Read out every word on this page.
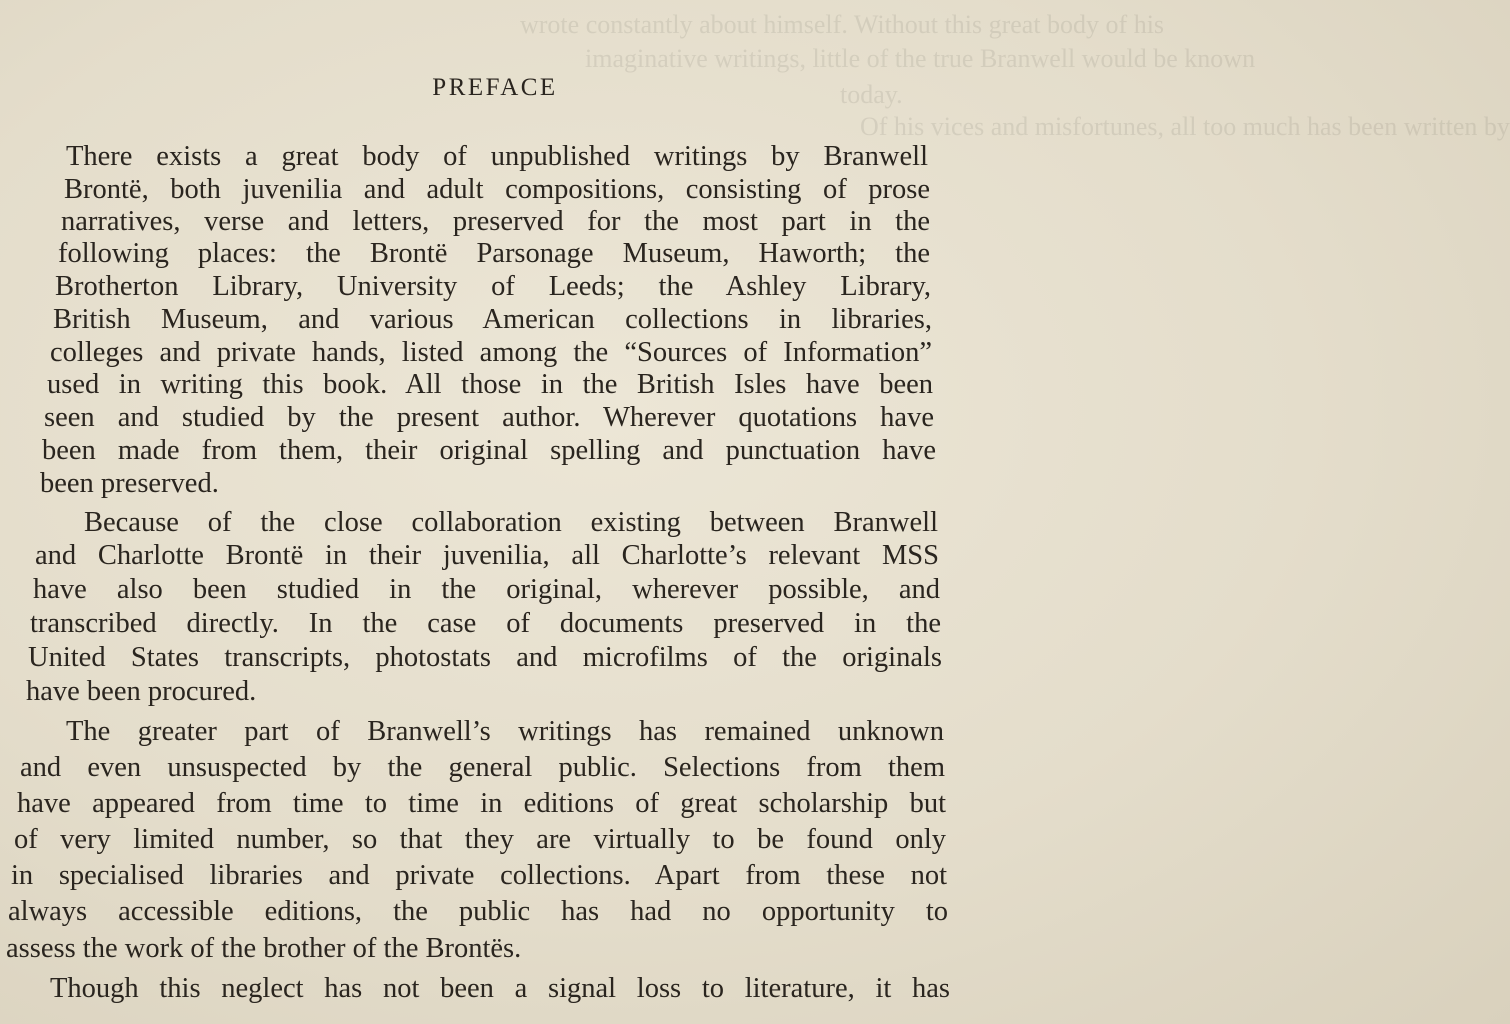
wrote constantly about himself. Without this great body of his
imaginative writings, little of the true Branwell would be known
today.
Of his vices and misfortunes, all too much has been written by
PREFACE
There exists a great body of unpublished writings by Branwell
Brontë, both juvenilia and adult compositions, consisting of prose
narratives, verse and letters, preserved for the most part in the
following places: the Brontë Parsonage Museum, Haworth; the
Brotherton Library, University of Leeds; the Ashley Library,
British Museum, and various American collections in libraries,
colleges and private hands, listed among the “Sources of Information”
used in writing this book. All those in the British Isles have been
seen and studied by the present author. Wherever quotations have
been made from them, their original spelling and punctuation have
been preserved.
Because of the close collaboration existing between Branwell
and Charlotte Brontë in their juvenilia, all Charlotte’s relevant MSS
have also been studied in the original, wherever possible, and
transcribed directly. In the case of documents preserved in the
United States transcripts, photostats and microfilms of the originals
have been procured.
The greater part of Branwell’s writings has remained unknown
and even unsuspected by the general public. Selections from them
have appeared from time to time in editions of great scholarship but
of very limited number, so that they are virtually to be found only
in specialised libraries and private collections. Apart from these not
always accessible editions, the public has had no opportunity to
assess the work of the brother of the Brontës.
Though this neglect has not been a signal loss to literature, it has
